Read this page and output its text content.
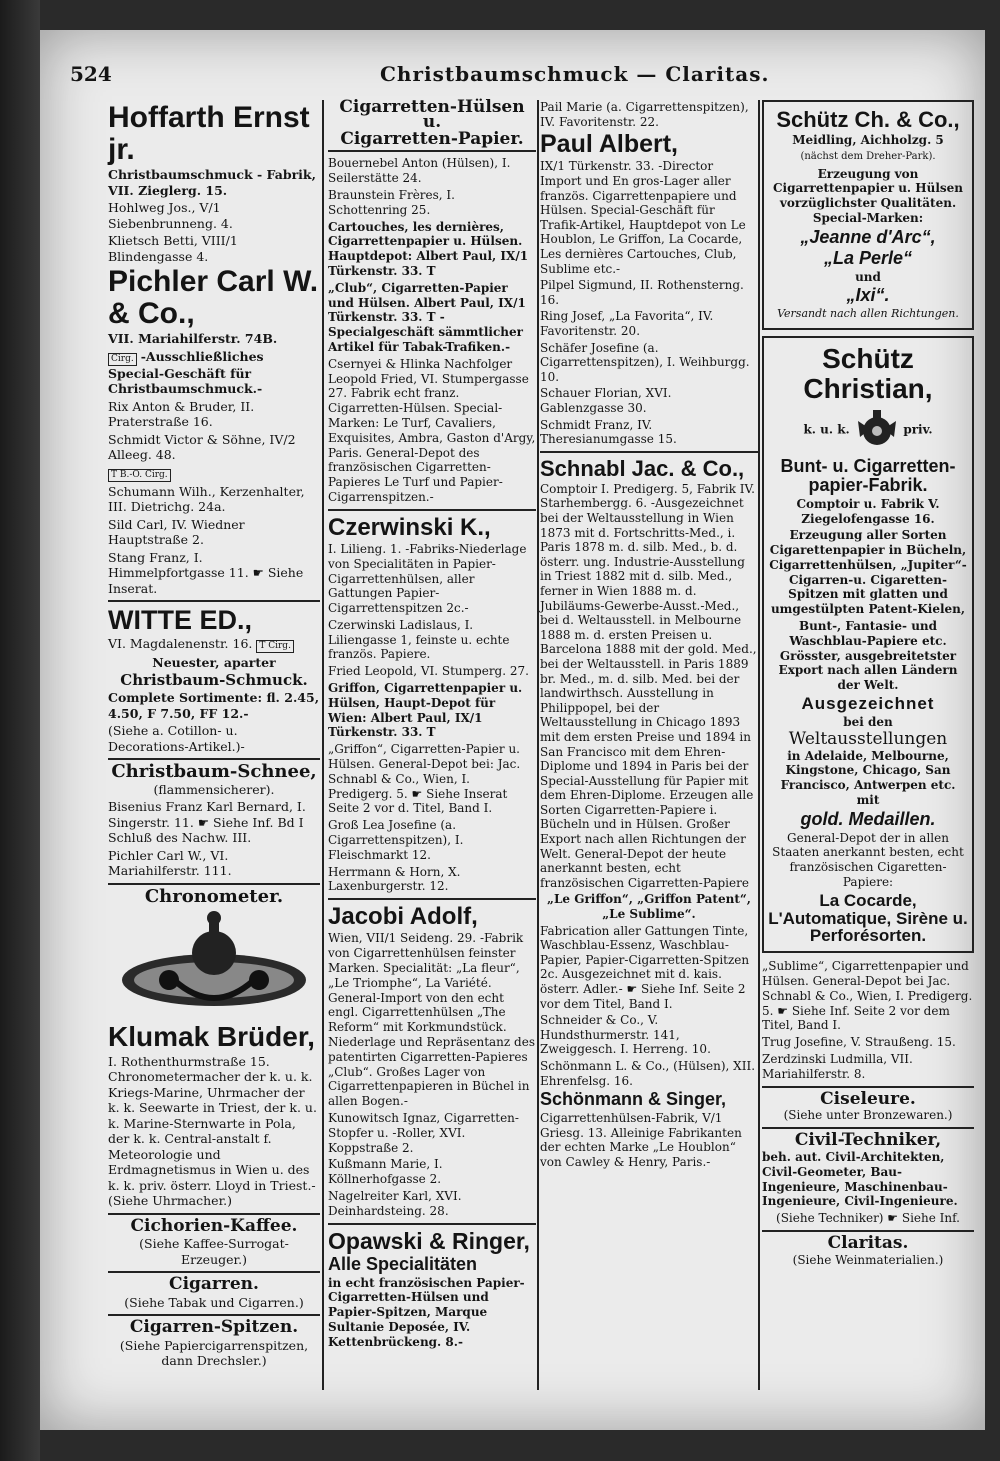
524	Christbaumschmuck — Claritas.

Hoffarth Ernst jr.

Christbaumschmuck - Fabrik, VII. Zieglerg. 15.

Hohlweg Jos., V/1 Siebenbrunneng. 4.

Klietsch Betti, VIII/1 Blindengasse 4.

Pichler Carl W. & Co.,

VII. Mariahilferstr. 74B.

Cirg. -Ausschließliches Special-Geschäft für Christbaumschmuck.-

Rix Anton & Bruder, II. Praterstraße 16.

Schmidt Victor & Söhne, IV/2 Alleeg. 48.

T B.-O. Cirg.

Schumann Wilh., Kerzenhalter, III. Dietrichg. 24a.

Sild Carl, IV. Wiedner Hauptstraße 2.

Stang Franz, I. Himmelpfortgasse 11. ☛ Siehe Inserat.

WITTE ED.,

VI. Magdalenenstr. 16. T Cirg.

Neuester, aparter

Christbaum-Schmuck.

Complete Sortimente: fl. 2.45, 4.50, F 7.50, FF 12.-

(Siehe a. Cotillon- u. Decorations-Artikel.)-

Christbaum-Schnee,

(flammensicherer).

Bisenius Franz Karl Bernard, I. Singerstr. 11. ☛ Siehe Inf. Bd I Schluß des Nachw. III.

Pichler Carl W., VI. Mariahilferstr. 111.

Chronometer.

Klumak Brüder,

I. Rothenthurmstraße 15. Chronometermacher der k. u. k. Kriegs-Marine, Uhrmacher der k. k. Seewarte in Triest, der k. u. k. Marine-Sternwarte in Pola, der k. k. Central-anstalt f. Meteorologie und Erdmagnetismus in Wien u. des k. k. priv. österr. Lloyd in Triest.- (Siehe Uhrmacher.)

Cichorien-Kaffee.

(Siehe Kaffee-Surrogat-Erzeuger.)

Cigarren.

(Siehe Tabak und Cigarren.)

Cigarren-Spitzen.

(Siehe Papiercigarrenspitzen, dann Drechsler.)

Cigarretten-Hülsen u.

Cigarretten-Papier.

Bouernebel Anton (Hülsen), I. Seilerstätte 24.

Braunstein Frères, I. Schottenring 25.

Cartouches, les dernières, Cigarrettenpapier u. Hülsen. Hauptdepot: Albert Paul, IX/1 Türkenstr. 33. T

„Club“, Cigarretten-Papier und Hülsen. Albert Paul, IX/1 Türkenstr. 33. T -Specialgeschäft sämmtlicher Artikel für Tabak-Trafiken.-

Csernyei & Hlinka Nachfolger Leopold Fried, VI. Stumpergasse 27. Fabrik echt franz. Cigarretten-Hülsen. Special-Marken: Le Turf, Cavaliers, Exquisites, Ambra, Gaston d'Argy, Paris. General-Depot des französischen Cigarretten-Papieres Le Turf und Papier-Cigarrenspitzen.-

Czerwinski K.,

I. Lilieng. 1. -Fabriks-Niederlage von Specialitäten in Papier-Cigarrettenhülsen, aller Gattungen Papier-Cigarrettenspitzen 2c.-

Czerwinski Ladislaus, I. Liliengasse 1, feinste u. echte französ. Papiere.

Fried Leopold, VI. Stumperg. 27.

Griffon, Cigarrettenpapier u. Hülsen, Haupt-Depot für Wien: Albert Paul, IX/1 Türkenstr. 33. T

„Griffon“, Cigarretten-Papier u. Hülsen. General-Depot bei: Jac. Schnabl & Co., Wien, I. Predigerg. 5. ☛ Siehe Inserat Seite 2 vor d. Titel, Band I.

Groß Lea Josefine (a. Cigarrettenspitzen), I. Fleischmarkt 12.

Herrmann & Horn, X. Laxenburgerstr. 12.

Jacobi Adolf,

Wien, VII/1 Seideng. 29. -Fabrik von Cigarrettenhülsen feinster Marken. Specialität: „La fleur“, „Le Triomphe“, La Variété. General-Import von den echt engl. Cigarrettenhülsen „The Reform“ mit Korkmundstück. Niederlage und Repräsentanz des patentirten Cigarretten-Papieres „Club“. Großes Lager von Cigarrettenpapieren in Büchel in allen Bogen.-

Kunowitsch Ignaz, Cigarretten-Stopfer u. -Roller, XVI. Koppstraße 2.

Kußmann Marie, I. Köllnerhofgasse 2.

Nagelreiter Karl, XVI. Deinhardsteing. 28.

Opawski & Ringer,

Alle Specialitäten

in echt französischen Papier-Cigarretten-Hülsen und Papier-Spitzen, Marque Sultanie Deposée, IV. Kettenbrückeng. 8.-

Pail Marie (a. Cigarrettenspitzen), IV. Favoritenstr. 22.

Paul Albert,

IX/1 Türkenstr. 33. -Director Import und En gros-Lager aller französ. Cigarrettenpapiere und Hülsen. Special-Geschäft für Trafik-Artikel, Hauptdepot von Le Houblon, Le Griffon, La Cocarde, Les dernières Cartouches, Club, Sublime etc.-

Pilpel Sigmund, II. Rothensterng. 16.

Ring Josef, „La Favorita“, IV. Favoritenstr. 20.

Schäfer Josefine (a. Cigarrettenspitzen), I. Weihburgg. 10.

Schauer Florian, XVI. Gablenzgasse 30.

Schmidt Franz, IV. Theresianumgasse 15.

Schnabl Jac. & Co.,

Comptoir I. Predigerg. 5, Fabrik IV. Starhembergg. 6. -Ausgezeichnet bei der Weltausstellung in Wien 1873 mit d. Fortschritts-Med., i. Paris 1878 m. d. silb. Med., b. d. österr. ung. Industrie-Ausstellung in Triest 1882 mit d. silb. Med., ferner in Wien 1888 m. d. Jubiläums-Gewerbe-Ausst.-Med., bei d. Weltausstell. in Melbourne 1888 m. d. ersten Preisen u. Barcelona 1888 mit der gold. Med., bei der Weltausstell. in Paris 1889 br. Med., m. d. silb. Med. bei der landwirthsch. Ausstellung in Philippopel, bei der Weltausstellung in Chicago 1893 mit dem ersten Preise und 1894 in San Francisco mit dem Ehren-Diplome und 1894 in Paris bei der Special-Ausstellung für Papier mit dem Ehren-Diplome. Erzeugen alle Sorten Cigarretten-Papiere i. Bücheln und in Hülsen. Großer Export nach allen Richtungen der Welt. General-Depot der heute anerkannt besten, echt französischen Cigarretten-Papiere

„Le Griffon“, „Griffon Patent“, „Le Sublime“.

Fabrication aller Gattungen Tinte, Waschblau-Essenz, Waschblau-Papier, Papier-Cigarretten-Spitzen 2c. Ausgezeichnet mit d. kais. österr. Adler.- ☛ Siehe Inf. Seite 2 vor dem Titel, Band I.

Schneider & Co., V. Hundsthurmerstr. 141, Zweiggesch. I. Herreng. 10.

Schönmann L. & Co., (Hülsen), XII. Ehrenfelsg. 16.

Schönmann & Singer,

Cigarrettenhülsen-Fabrik, V/1 Griesg. 13. Alleinige Fabrikanten der echten Marke „Le Houblon“ von Cawley & Henry, Paris.-

Schütz Ch. & Co.,

Meidling, Aichholzg. 5

(nächst dem Dreher-Park).

Erzeugung von Cigarrettenpapier u. Hülsen vorzüglichster Qualitäten. Special-Marken:

„Jeanne d'Arc“,

„La Perle“

und

„Ixi“.

Versandt nach allen Richtungen.

Schütz Christian,

k. u. k.	priv.

Bunt- u. Cigarretten-papier-Fabrik.

Comptoir u. Fabrik V. Ziegelofengasse 16.

Erzeugung aller Sorten Cigarettenpapier in Bücheln, Cigarrettenhülsen, „Jupiter“-Cigarren-u. Cigaretten-Spitzen mit glatten und umgestülpten Patent-Kielen,

Bunt-, Fantasie- und Waschblau-Papiere etc. Grösster, ausgebreitetster Export nach allen Ländern der Welt.

Ausgezeichnet

bei den

Weltausstellungen

in Adelaide, Melbourne, Kingstone, Chicago, San Francisco, Antwerpen etc. mit

gold. Medaillen.

General-Depot der in allen Staaten anerkannt besten, echt französischen Cigaretten-Papiere:

La Cocarde, L'Automatique, Sirène u. Perforésorten.

„Sublime“, Cigarrettenpapier und Hülsen. General-Depot bei Jac. Schnabl & Co., Wien, I. Predigerg. 5. ☛ Siehe Inf. Seite 2 vor dem Titel, Band I.

Trug Josefine, V. Straußeng. 15.

Zerdzinski Ludmilla, VII. Mariahilferstr. 8.

Ciseleure.

(Siehe unter Bronzewaren.)

Civil-Techniker,

beh. aut. Civil-Architekten, Civil-Geometer, Bau-Ingenieure, Maschinenbau-Ingenieure, Civil-Ingenieure.

(Siehe Techniker) ☛ Siehe Inf.

Claritas.

(Siehe Weinmaterialien.)
